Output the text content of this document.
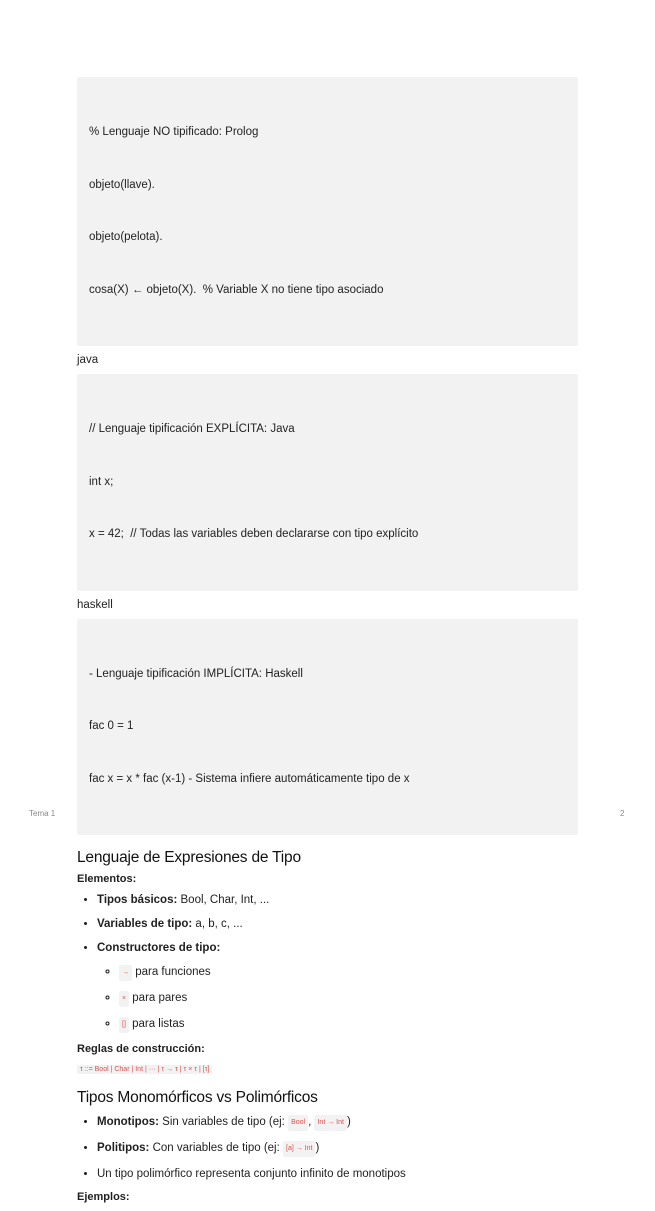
% Lenguaje NO tipificado: Prolog

objeto(llave).

objeto(pelota).

cosa(X) ← objeto(X).  % Variable X no tiene tipo asociado

java

// Lenguaje tipificación EXPLÍCITA: Java

int x;

x = 42;  // Todas las variables deben declararse con tipo explícito

haskell

- Lenguaje tipificación IMPLÍCITA: Haskell

fac 0 = 1

fac x = x * fac (x-1) - Sistema infiere automáticamente tipo de x

Lenguaje de Expresiones de Tipo
Elementos:
• Tipos básicos: Bool, Char, Int, ...
• Variables de tipo: a, b, c, ...
• Constructores de tipo:
◦ → para funciones
◦ × para pares
◦ [] para listas
Reglas de construcción:
τ ::= Bool | Char | Int | ··· | τ → τ | τ × τ | [τ]
Tipos Monomórficos vs Polimórficos
• Monotipos: Sin variables de tipo (ej: Bool , Int → Int )
• Politipos: Con variables de tipo (ej: [a] → Int )
• Un tipo polimórfico representa conjunto infinito de monotipos
Ejemplos:
Tema 1	2
